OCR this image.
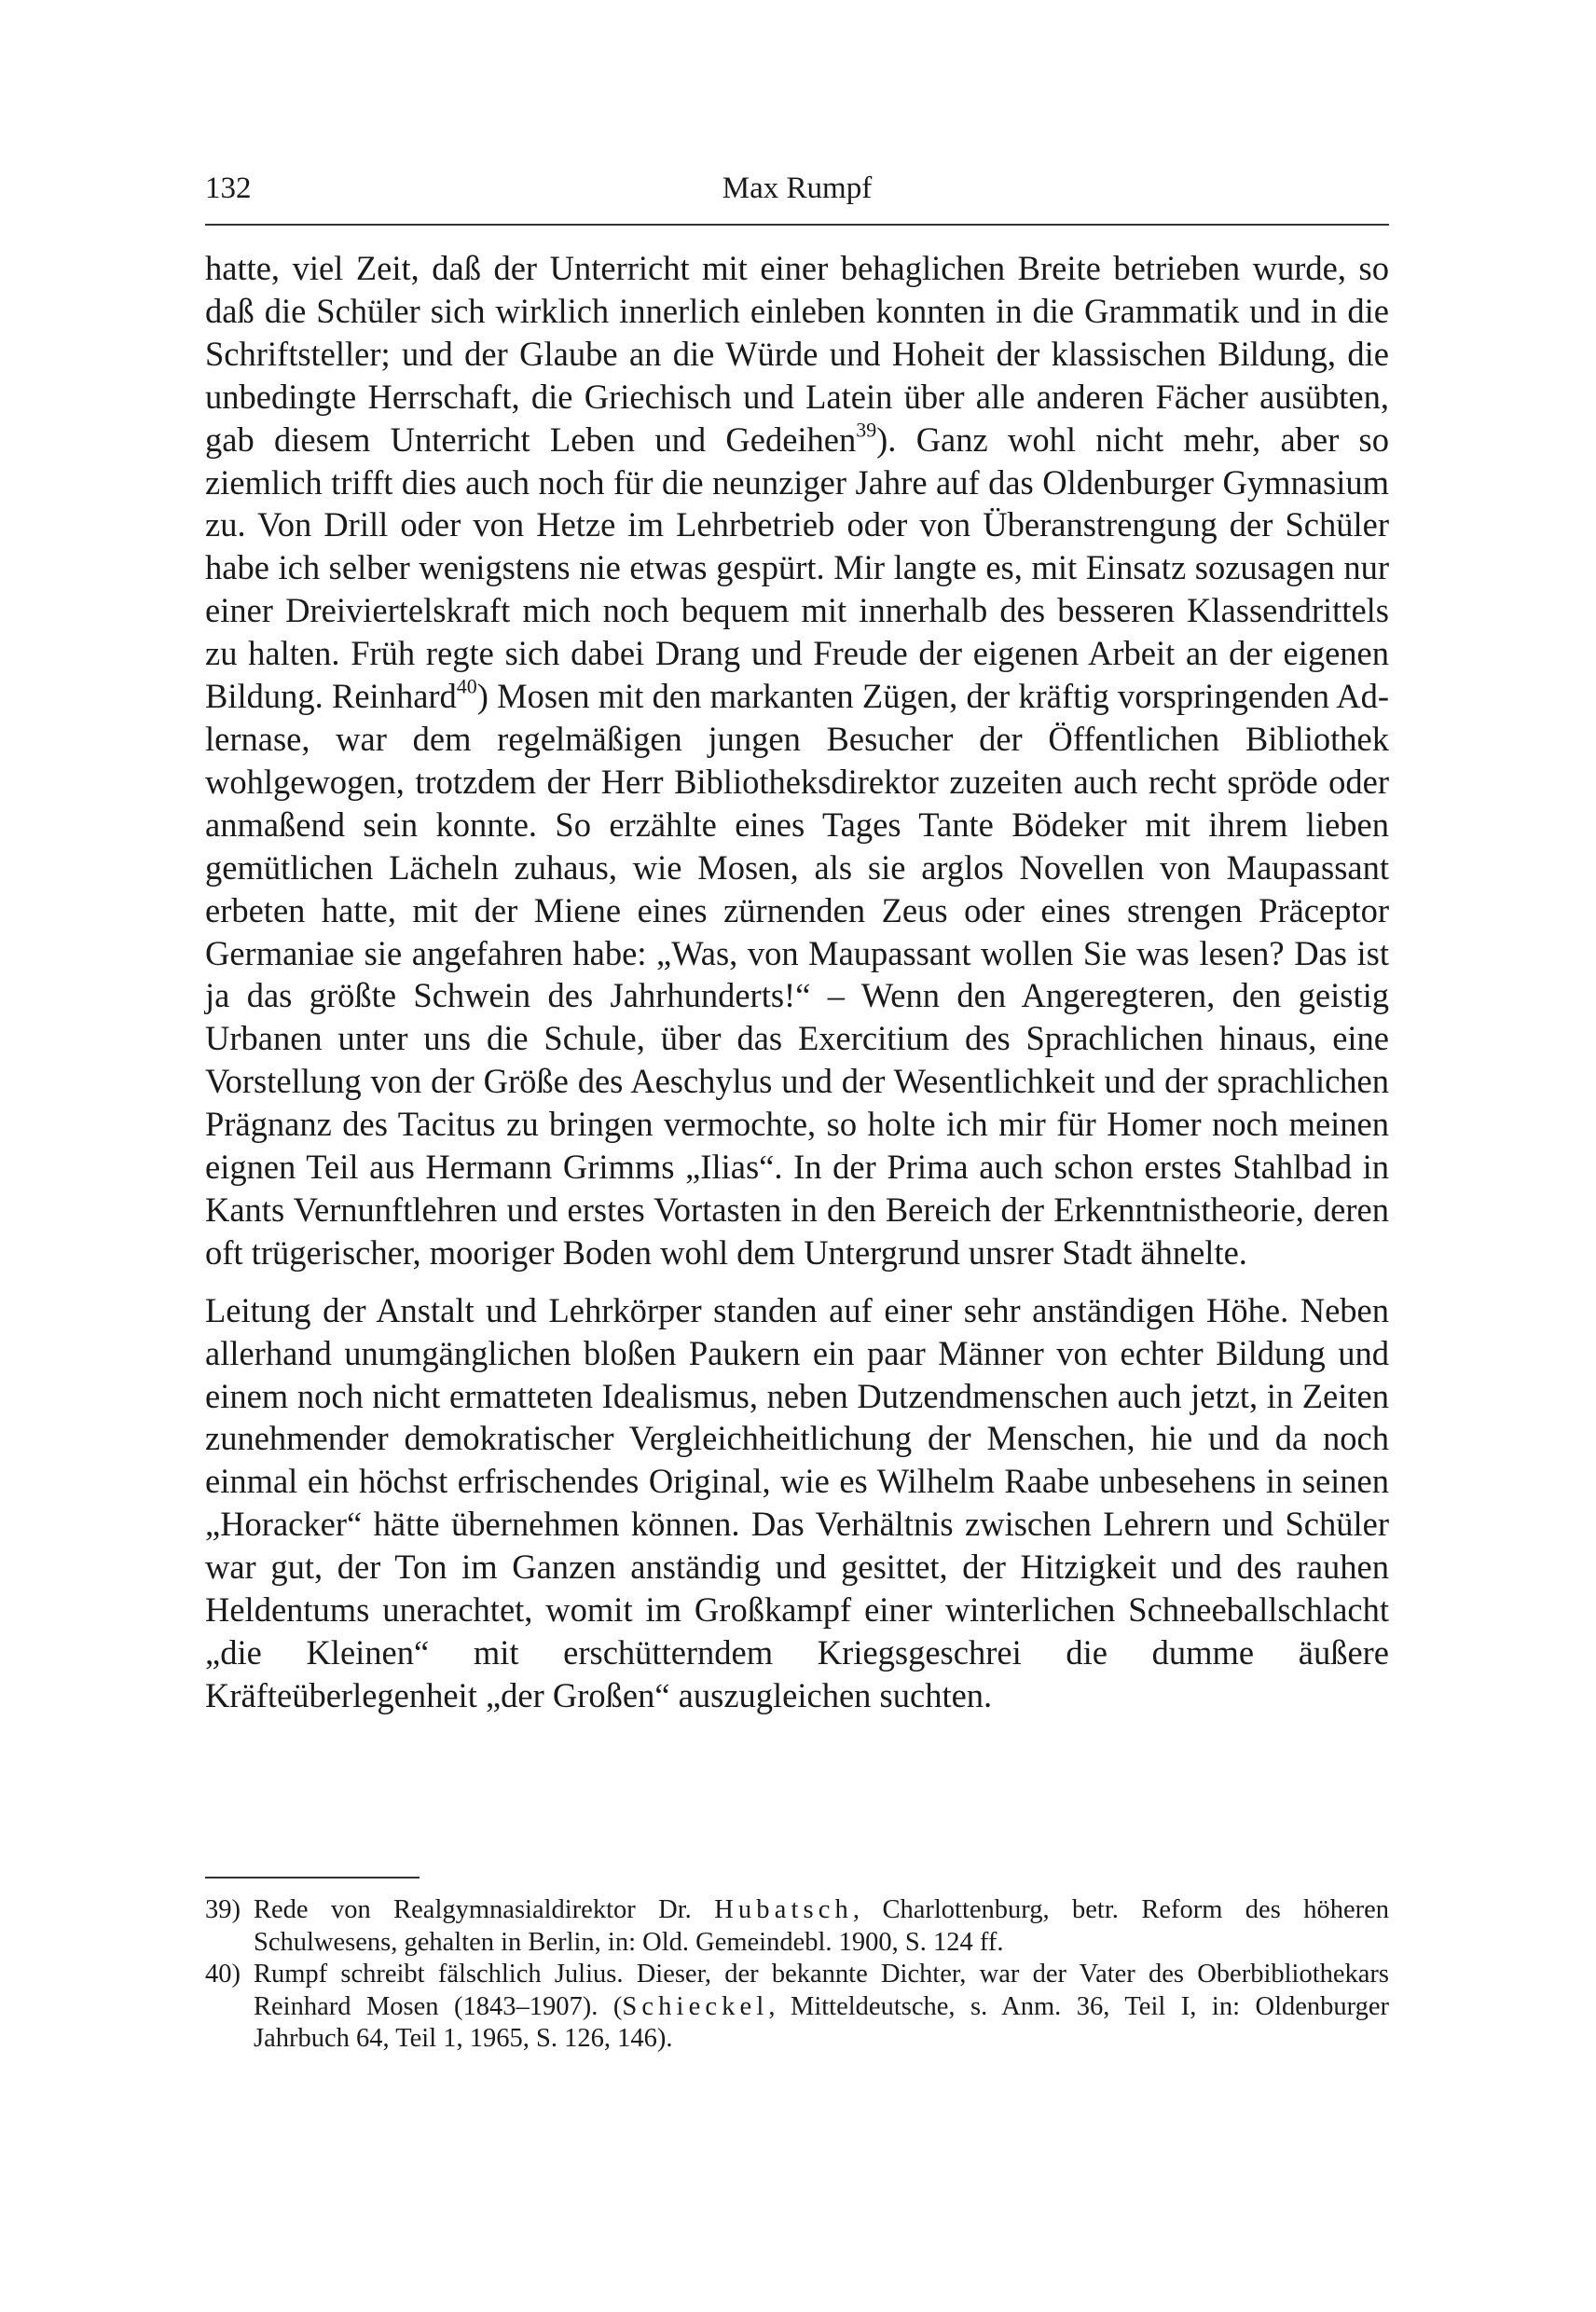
132	Max Rumpf

hatte, viel Zeit, daß der Unterricht mit einer behaglichen Breite betrieben wurde, so daß die Schüler sich wirklich innerlich einleben konnten in die Grammatik und in die Schriftsteller; und der Glaube an die Würde und Hoheit der klassischen Bildung, die unbedingte Herrschaft, die Griechisch und Latein über alle anderen Fächer ausübten, gab diesem Unterricht Leben und Gedeihen$^{39}$). Ganz wohl nicht mehr, aber so ziemlich trifft dies auch noch für die neunziger Jahre auf das Oldenburger Gymnasium zu. Von Drill oder von Hetze im Lehrbetrieb oder von Überanstrengung der Schüler habe ich selber wenigstens nie etwas gespürt. Mir langte es, mit Einsatz sozusagen nur einer Dreiviertelskraft mich noch bequem mit innerhalb des besseren Klassendrittels zu halten. Früh regte sich dabei Drang und Freude der eigenen Arbeit an der eigenen Bildung. Reinhard$^{40}$) Mosen mit den markanten Zügen, der kräftig vorspringenden Adlernase, war dem regelmäßigen jungen Besucher der Öffentlichen Bibliothek wohlgewogen, trotzdem der Herr Bibliotheksdirektor zuzeiten auch recht spröde oder anmaßend sein konnte. So erzählte eines Tages Tante Bödeker mit ihrem lieben gemütlichen Lächeln zuhaus, wie Mosen, als sie arglos Novellen von Maupassant erbeten hatte, mit der Miene eines zürnenden Zeus oder eines strengen Präceptor Germaniae sie angefahren habe: „Was, von Maupassant wollen Sie was lesen? Das ist ja das größte Schwein des Jahrhunderts!“ – Wenn den Angeregteren, den geistig Urbanen unter uns die Schule, über das Exercitium des Sprachlichen hinaus, eine Vorstellung von der Größe des Aeschylus und der Wesentlichkeit und der sprachlichen Prägnanz des Tacitus zu bringen vermochte, so holte ich mir für Homer noch meinen eignen Teil aus Hermann Grimms „Ilias“. In der Prima auch schon erstes Stahlbad in Kants Vernunftlehren und erstes Vortasten in den Bereich der Erkenntnistheorie, deren oft trügerischer, mooriger Boden wohl dem Untergrund unsrer Stadt ähnelte.

Leitung der Anstalt und Lehrkörper standen auf einer sehr anständigen Höhe. Neben allerhand unumgänglichen bloßen Paukern ein paar Männer von echter Bildung und einem noch nicht ermatteten Idealismus, neben Dutzendmenschen auch jetzt, in Zeiten zunehmender demokratischer Vergleichheitlichung der Menschen, hie und da noch einmal ein höchst erfrischendes Original, wie es Wilhelm Raabe unbesehens in seinen „Horacker“ hätte übernehmen können. Das Verhältnis zwischen Lehrern und Schüler war gut, der Ton im Ganzen anständig und gesittet, der Hitzigkeit und des rauhen Heldentums unerachtet, womit im Großkampf einer winterlichen Schneeballschlacht „die Kleinen“ mit erschütterndem Kriegsgeschrei die dumme äußere Kräfteüberlegenheit „der Großen“ auszugleichen suchten.

39) Rede von Realgymnasialdirektor Dr. Hubatsch, Charlottenburg, betr. Reform des höheren Schulwesens, gehalten in Berlin, in: Old. Gemeindebl. 1900, S. 124 ff.
40) Rumpf schreibt fälschlich Julius. Dieser, der bekannte Dichter, war der Vater des Oberbibliothekars Reinhard Mosen (1843–1907). (Schieckel, Mitteldeutsche, s. Anm. 36, Teil I, in: Oldenburger Jahrbuch 64, Teil 1, 1965, S. 126, 146).
